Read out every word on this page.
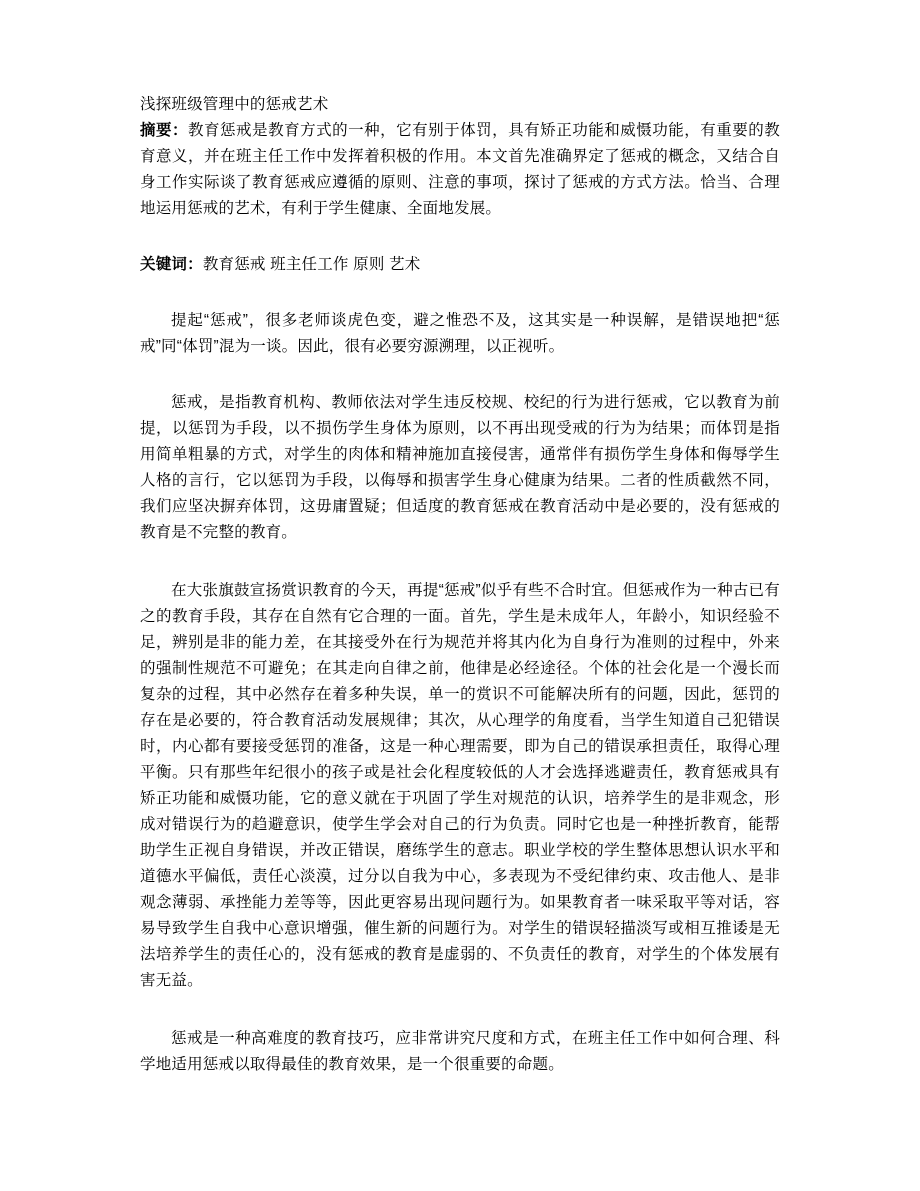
浅探班级管理中的惩戒艺术

摘要：教育惩戒是教育方式的一种，它有别于体罚，具有矫正功能和威慑功能，有重要的教育意义，并在班主任工作中发挥着积极的作用。本文首先准确界定了惩戒的概念，又结合自身工作实际谈了教育惩戒应遵循的原则、注意的事项，探讨了惩戒的方式方法。恰当、合理地运用惩戒的艺术，有利于学生健康、全面地发展。

关键词：教育惩戒 班主任工作 原则 艺术

提起“惩戒”，很多老师谈虎色变，避之惟恐不及，这其实是一种误解，是错误地把“惩戒”同“体罚”混为一谈。因此，很有必要穷源溯理，以正视听。

惩戒，是指教育机构、教师依法对学生违反校规、校纪的行为进行惩戒，它以教育为前提，以惩罚为手段，以不损伤学生身体为原则，以不再出现受戒的行为为结果；而体罚是指用简单粗暴的方式，对学生的肉体和精神施加直接侵害，通常伴有损伤学生身体和侮辱学生人格的言行，它以惩罚为手段，以侮辱和损害学生身心健康为结果。二者的性质截然不同，我们应坚决摒弃体罚，这毋庸置疑；但适度的教育惩戒在教育活动中是必要的，没有惩戒的教育是不完整的教育。

在大张旗鼓宣扬赏识教育的今天，再提“惩戒”似乎有些不合时宜。但惩戒作为一种古已有之的教育手段，其存在自然有它合理的一面。首先，学生是未成年人，年龄小，知识经验不足，辨别是非的能力差，在其接受外在行为规范并将其内化为自身行为准则的过程中，外来的强制性规范不可避免；在其走向自律之前，他律是必经途径。个体的社会化是一个漫长而复杂的过程，其中必然存在着多种失误，单一的赏识不可能解决所有的问题，因此，惩罚的存在是必要的，符合教育活动发展规律；其次，从心理学的角度看，当学生知道自己犯错误时，内心都有要接受惩罚的准备，这是一种心理需要，即为自己的错误承担责任，取得心理平衡。只有那些年纪很小的孩子或是社会化程度较低的人才会选择逃避责任，教育惩戒具有矫正功能和威慑功能，它的意义就在于巩固了学生对规范的认识，培养学生的是非观念，形成对错误行为的趋避意识，使学生学会对自己的行为负责。同时它也是一种挫折教育，能帮助学生正视自身错误，并改正错误，磨练学生的意志。职业学校的学生整体思想认识水平和道德水平偏低，责任心淡漠，过分以自我为中心，多表现为不受纪律约束、攻击他人、是非观念薄弱、承挫能力差等等，因此更容易出现问题行为。如果教育者一味采取平等对话，容易导致学生自我中心意识增强，催生新的问题行为。对学生的错误轻描淡写或相互推诿是无法培养学生的责任心的，没有惩戒的教育是虚弱的、不负责任的教育，对学生的个体发展有害无益。

惩戒是一种高难度的教育技巧，应非常讲究尺度和方式，在班主任工作中如何合理、科学地适用惩戒以取得最佳的教育效果，是一个很重要的命题。
